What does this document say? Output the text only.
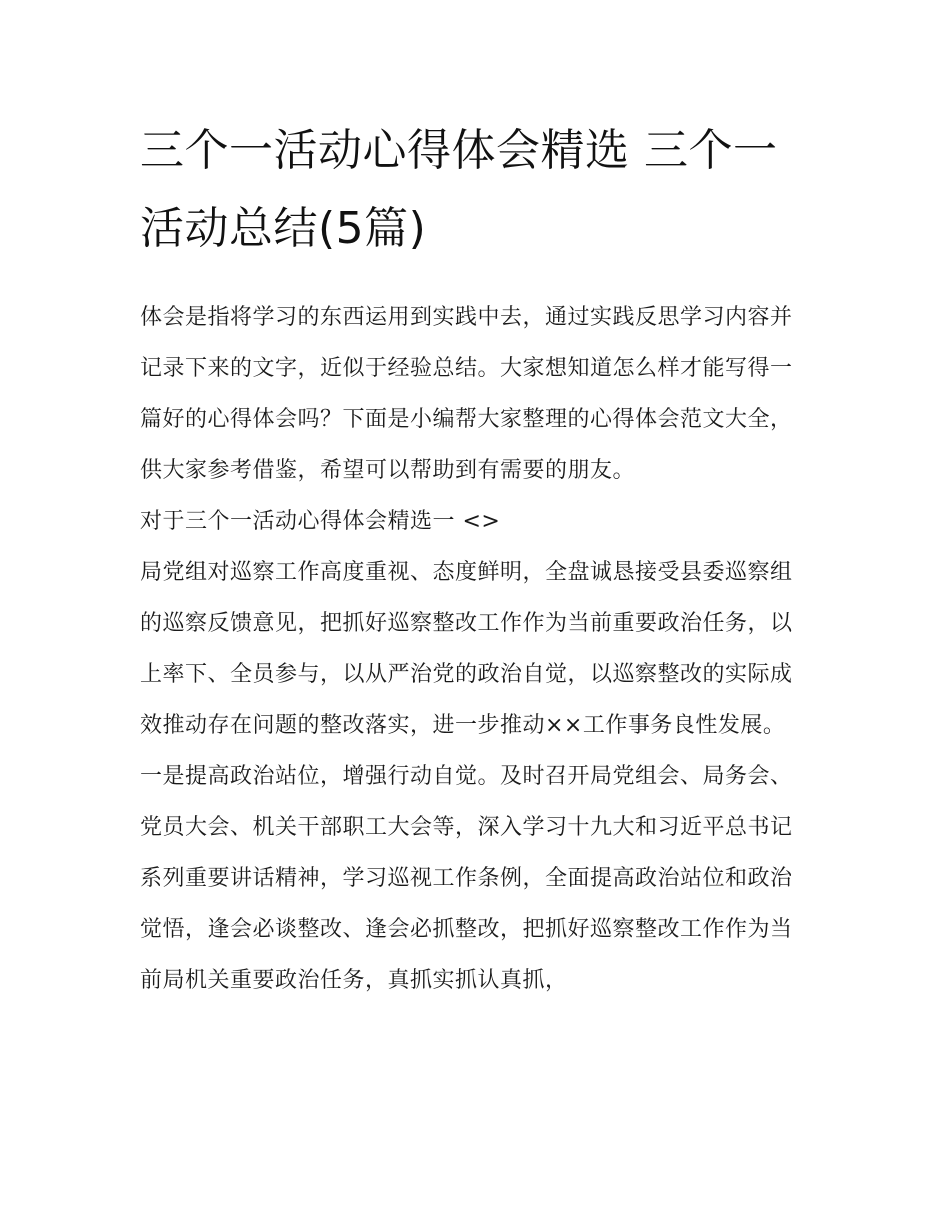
三个一活动心得体会精选 三个一活动总结(5篇)

体会是指将学习的东西运用到实践中去，通过实践反思学习内容并记录下来的文字，近似于经验总结。大家想知道怎么样才能写得一篇好的心得体会吗？下面是小编帮大家整理的心得体会范文大全，供大家参考借鉴，希望可以帮助到有需要的朋友。

对于三个一活动心得体会精选一 <>

局党组对巡察工作高度重视、态度鲜明，全盘诚恳接受县委巡察组的巡察反馈意见，把抓好巡察整改工作作为当前重要政治任务，以上率下、全员参与，以从严治党的政治自觉，以巡察整改的实际成效推动存在问题的整改落实，进一步推动××工作事务良性发展。

一是提高政治站位，增强行动自觉。及时召开局党组会、局务会、党员大会、机关干部职工大会等，深入学习十九大和习近平总书记系列重要讲话精神，学习巡视工作条例，全面提高政治站位和政治觉悟，逢会必谈整改、逢会必抓整改，把抓好巡察整改工作作为当前局机关重要政治任务，真抓实抓认真抓，
